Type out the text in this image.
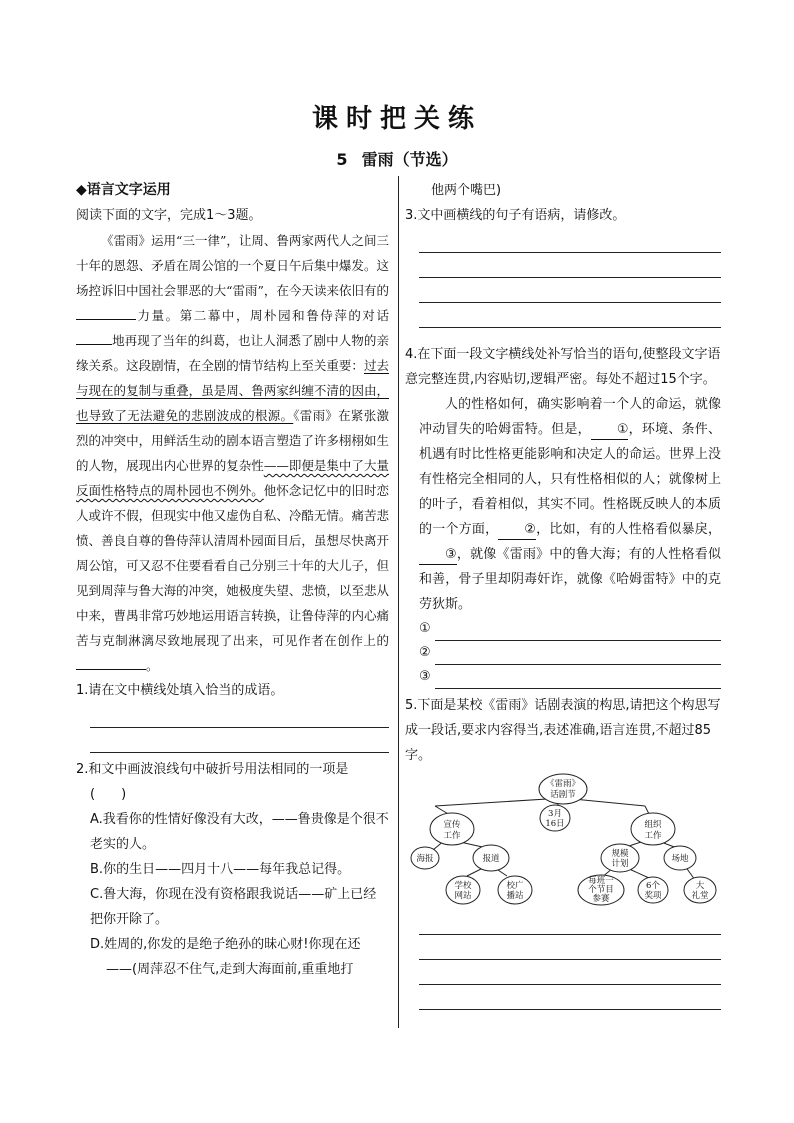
课时把关练
5 雷雨（节选）
◆语言文字运用
阅读下面的文字，完成1～3题。
《雷雨》运用“三一律”，让周、鲁两家两代人之间三十年的恩怨、矛盾在周公馆的一个夏日午后集中爆发。这场控诉旧中国社会罪恶的大“雷雨”，在今天读来依旧有的力量。第二幕中，周朴园和鲁侍萍的对话地再现了当年的纠葛，也让人洞悉了剧中人物的亲缘关系。这段剧情，在全剧的情节结构上至关重要：过去与现在的复制与重叠，虽是周、鲁两家纠缠不清的因由，也导致了无法避免的悲剧波成的根源。《雷雨》在紧张激烈的冲突中，用鲜活生动的剧本语言塑造了许多栩栩如生的人物，展现出内心世界的复杂性——即便是集中了大量反面性格特点的周朴园也不例外。他怀念记忆中的旧时恋人或许不假，但现实中他又虚伪自私、冷酷无情。痛苦悲愤、善良自尊的鲁侍萍认清周朴园面目后，虽想尽快离开周公馆，可又忍不住要看看自己分别三十年的大儿子，但见到周萍与鲁大海的冲突，她极度失望、悲愤，以至悲从中来，曹禺非常巧妙地运用语言转换，让鲁侍萍的内心痛苦与克制淋漓尽致地展现了出来，可见作者在创作上的。
1.请在文中横线处填入恰当的成语。
2.和文中画波浪线句中破折号用法相同的一项是
(　　)
A.我看你的性情好像没有大改，——鲁贵像是个很不老实的人。
B.你的生日——四月十八——每年我总记得。
C.鲁大海，你现在没有资格跟我说话——矿上已经把你开除了。
D.姓周的,你发的是绝子绝孙的昧心财!你现在还
——(周萍忍不住气,走到大海面前,重重地打
他两个嘴巴)
3.文中画横线的句子有语病，请修改。
4.在下面一段文字横线处补写恰当的语句,使整段文字语意完整连贯,内容贴切,逻辑严密。每处不超过15个字。
人的性格如何，确实影响着一个人的命运，就像冲动冒失的哈姆雷特。但是， ①，环境、条件、机遇有时比性格更能影响和决定人的命运。世界上没有性格完全相同的人，只有性格相似的人；就像树上的叶子，看着相似，其实不同。性格既反映人的本质的一个方面， ②，比如，有的人性格看似暴戾，③，就像《雷雨》中的鲁大海；有的人性格看似和善，骨子里却阴毒奸诈，就像《哈姆雷特》中的克劳狄斯。
①
②
③
5.下面是某校《雷雨》话剧表演的构思,请把这个构思写成一段话,要求内容得当,表述准确,语言连贯,不超过85字。
《雷雨》
话剧节
3月
16日
宣传
工作
组织
工作
海报	报道	规模
计划	场地
学校
网站
校广
播站
每班一
个节目
参赛
6个
奖项
大
礼堂
